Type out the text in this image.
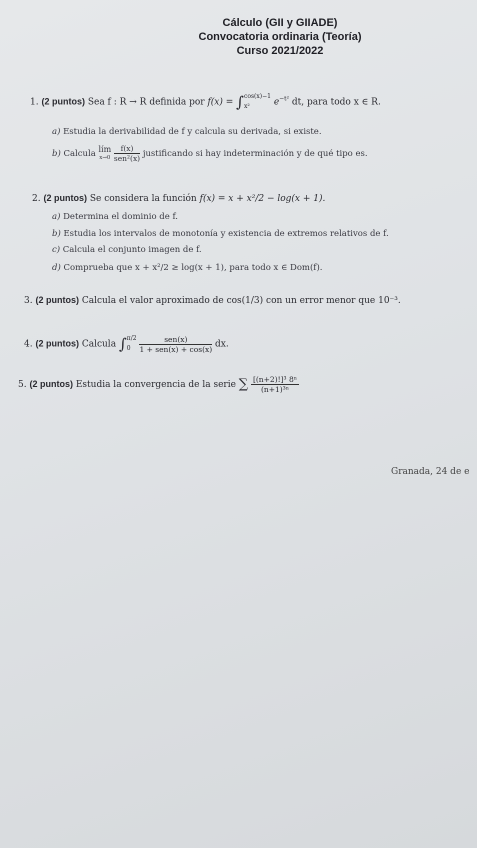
Cálculo (GII y GIIADE)
Convocatoria ordinaria (Teoría)
Curso 2021/2022
1. (2 puntos) Sea f : R → R definida por f(x) = ∫ cos(x)−1
x²	$e^{-t^2}$ dt, para todo x ∈ R.
a) Estudia la derivabilidad de f y calcula su derivada, si existe.
b) Calcula lím
x→0
$\frac{f(x)}{\text{sen²(x)}}$ justificando si hay indeterminación y de qué tipo es.
2. (2 puntos) Se considera la función f(x) = x + x²/2 − log(x + 1).
a) Determina el dominio de f.
b) Estudia los intervalos de monotonía y existencia de extremos relativos de f.
c) Calcula el conjunto imagen de f.
d) Comprueba que x + x²/2 ≥ log(x + 1), para todo x ∈ Dom(f).
3. (2 puntos) Calcula el valor aproximado de cos(1/3) con un error menor que 10⁻³.
4. (2 puntos) Calcula ∫ π/2
0
	$\frac{\text{sen(x)}}{\text{1 + sen(x) + cos(x)}}$ dx.
5. (2 puntos) Estudia la convergencia de la serie ∑ $\frac{\text{[(n+2)!]³ 8ⁿ}}{\text{(n+1)³ⁿ}}$
Granada, 24 de e
